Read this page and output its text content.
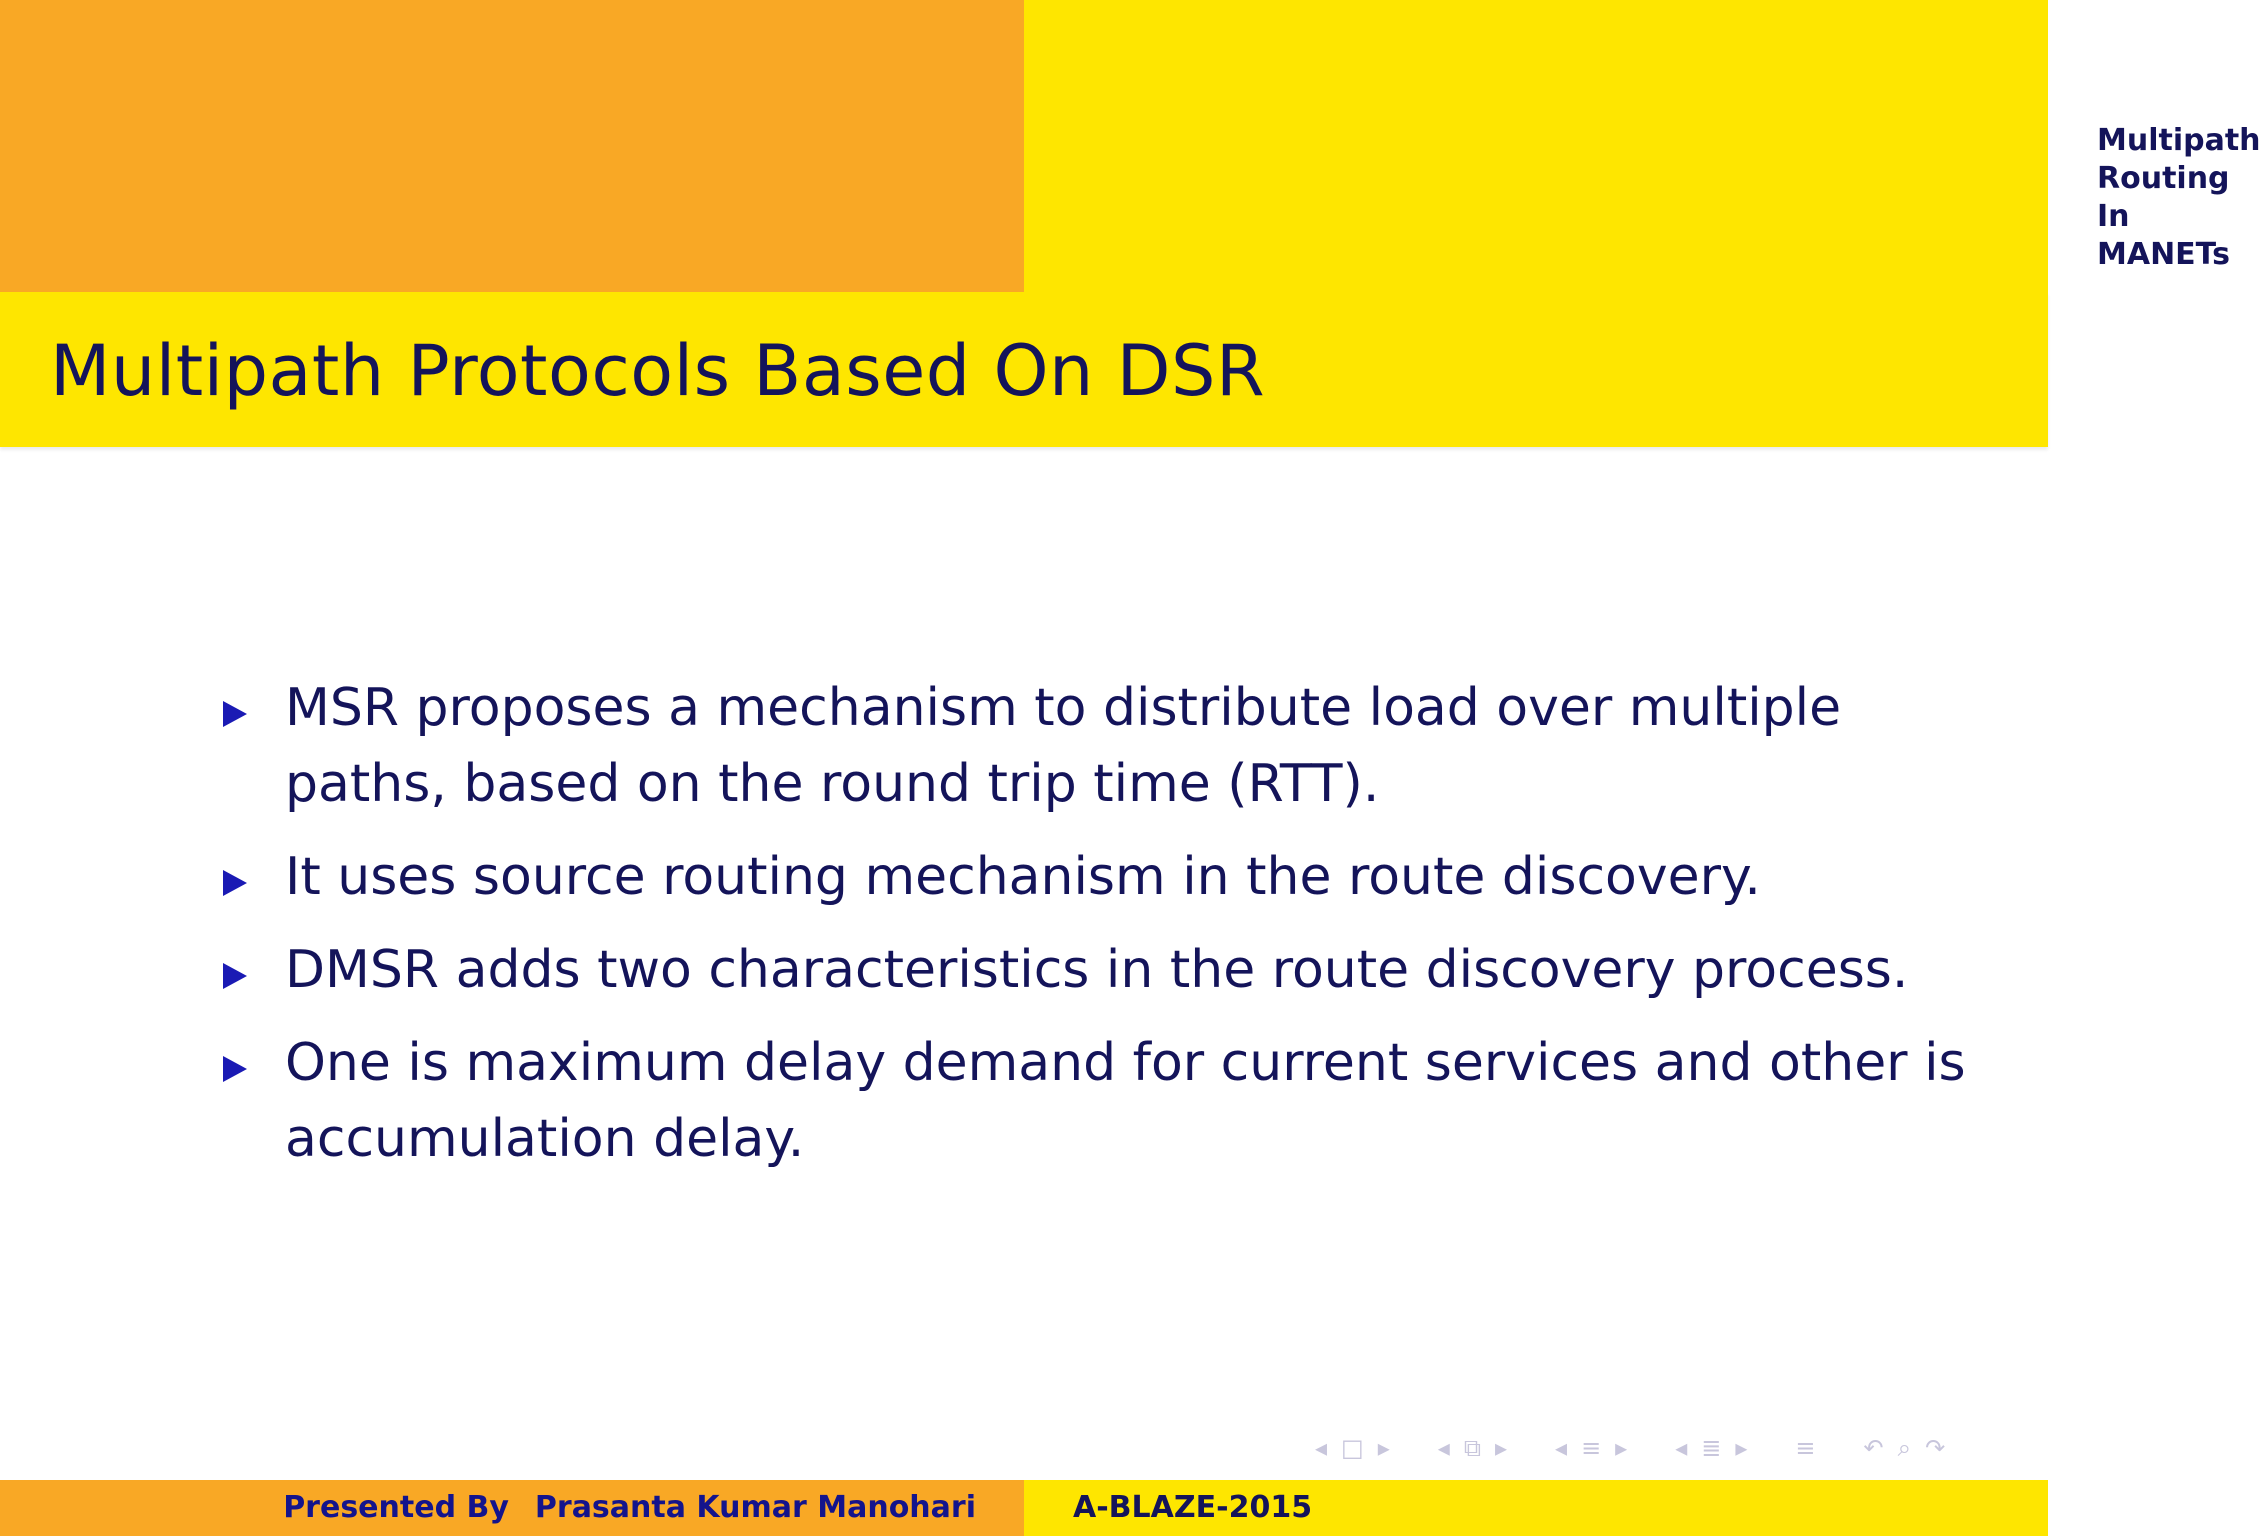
Multipath Routing In MANETs
Multipath Protocols Based On DSR
MSR proposes a mechanism to distribute load over multiple paths, based on the round trip time (RTT).
It uses source routing mechanism in the route discovery.
DMSR adds two characteristics in the route discovery process.
One is maximum delay demand for current services and other is accumulation delay.
◂ □ ▸ ◂ ⧉ ▸ ◂ ≡ ▸ ◂ ≣ ▸ ≡ ↶ ⌕ ↷
Presented By Prasanta Kumar Manohari	A-BLAZE-2015
